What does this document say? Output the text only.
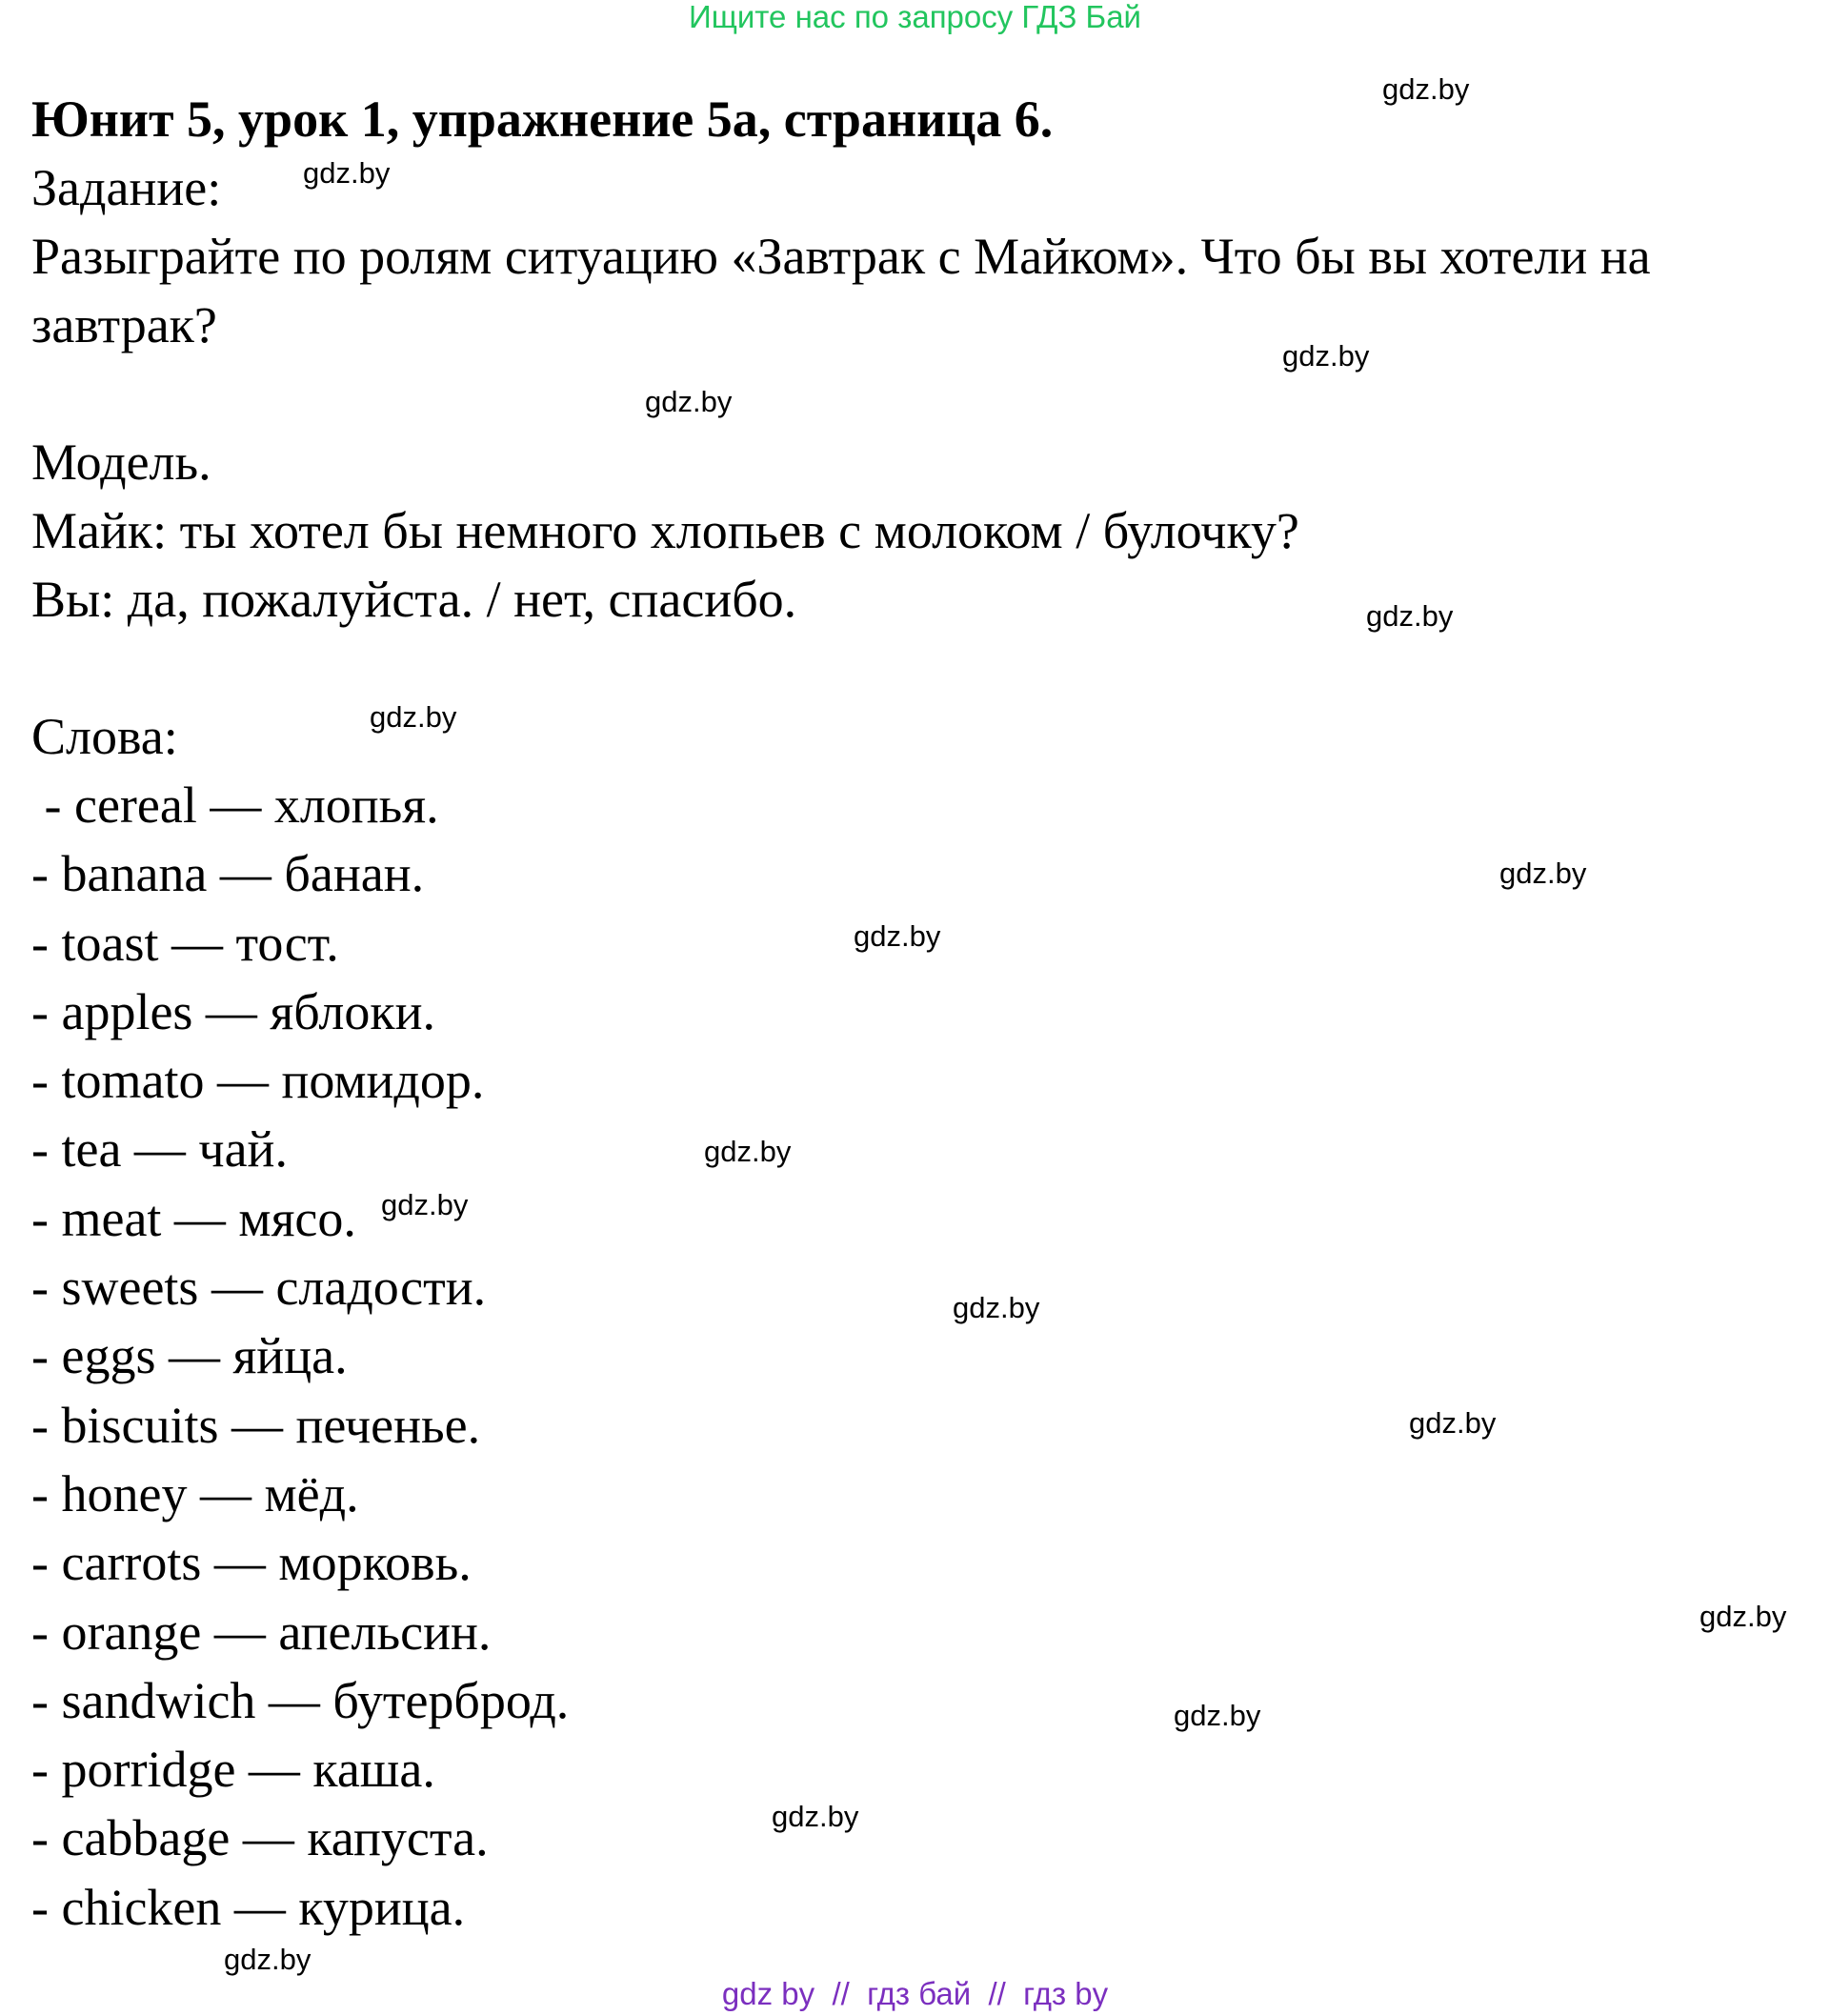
Ищите нас по запросу ГДЗ Бай
Юнит 5, урок 1, упражнение 5а, страница 6.

Задание:

Разыграйте по ролям ситуацию «Завтрак с Майком». Что бы вы хотели на завтрак?

Модель.

Майк: ты хотел бы немного хлопьев с молоком / булочку?

Вы: да, пожалуйста. / нет, спасибо.

Слова:

- cereal — хлопья.
- banana — банан.
- toast — тост.
- apples — яблоки.
- tomato — помидор.
- tea — чай.
- meat — мясо.
- sweets — сладости.
- eggs — яйца.
- biscuits — печенье.
- honey — мёд.
- carrots — морковь.
- orange — апельсин.
- sandwich — бутерброд.
- porridge — каша.
- cabbage — капуста.
- chicken — курица.
gdz.by
gdz.by
gdz.by
gdz.by
gdz.by
gdz.by
gdz.by
gdz.by
gdz.by
gdz.by
gdz.by
gdz.by
gdz.by
gdz.by
gdz.by
gdz.by
gdz by  //  гдз бай  //  гдз by
